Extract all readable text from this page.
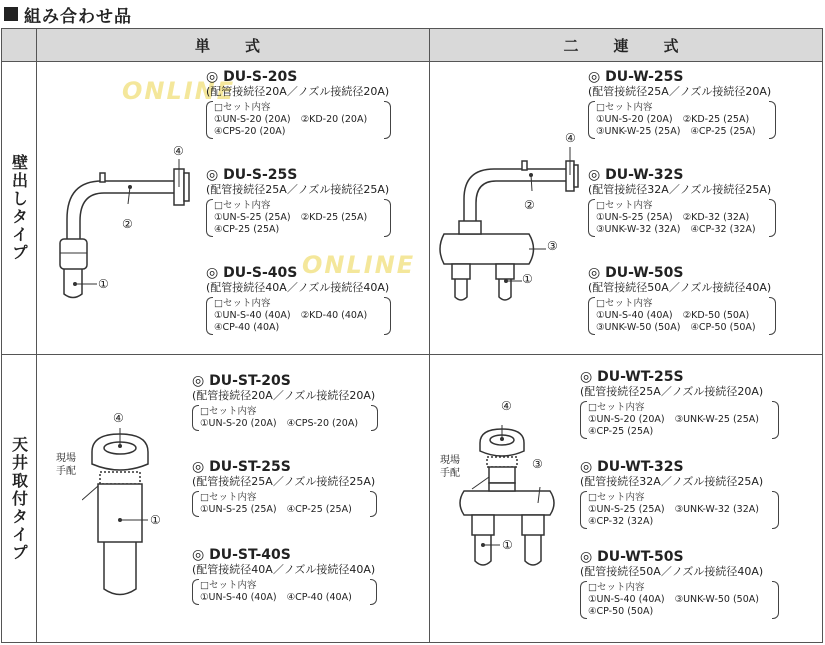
組み合わせ品
単　式	二　連　式
壁出しタイプ
天井取付タイプ
ONLINE
ONLINE
④
②
①
◎ DU-S-20S
(配管接続径20A／ノズル接続径20A)
□セット内容
①UN-S-20 (20A) ②KD-20 (20A)
④CPS-20 (20A)
◎ DU-S-25S
(配管接続径25A／ノズル接続径25A)
□セット内容
①UN-S-25 (25A) ②KD-25 (25A)
④CP-25 (25A)
◎ DU-S-40S
(配管接続径40A／ノズル接続径40A)
□セット内容
①UN-S-40 (40A) ②KD-40 (40A)
④CP-40 (40A)
④
②
③
①
◎ DU-W-25S
(配管接続径25A／ノズル接続径20A)
□セット内容
①UN-S-20 (20A) ②KD-25 (25A)
③UNK-W-25 (25A) ④CP-25 (25A)
◎ DU-W-32S
(配管接続径32A／ノズル接続径25A)
□セット内容
①UN-S-25 (25A) ②KD-32 (32A)
③UNK-W-32 (32A) ④CP-32 (32A)
◎ DU-W-50S
(配管接続径50A／ノズル接続径40A)
□セット内容
①UN-S-40 (40A) ②KD-50 (50A)
③UNK-W-50 (50A) ④CP-50 (50A)
④
現場
手配
①
◎ DU-ST-20S
(配管接続径20A／ノズル接続径20A)
□セット内容
①UN-S-20 (20A) ④CPS-20 (20A)
◎ DU-ST-25S
(配管接続径25A／ノズル接続径25A)
□セット内容
①UN-S-25 (25A) ④CP-25 (25A)
◎ DU-ST-40S
(配管接続径40A／ノズル接続径40A)
□セット内容
①UN-S-40 (40A) ④CP-40 (40A)
④
③
現場
手配
①
◎ DU-WT-25S
(配管接続径25A／ノズル接続径20A)
□セット内容
①UN-S-20 (20A) ③UNK-W-25 (25A)
④CP-25 (25A)
◎ DU-WT-32S
(配管接続径32A／ノズル接続径25A)
□セット内容
①UN-S-25 (25A) ③UNK-W-32 (32A)
④CP-32 (32A)
◎ DU-WT-50S
(配管接続径50A／ノズル接続径40A)
□セット内容
①UN-S-40 (40A) ③UNK-W-50 (50A)
④CP-50 (50A)
